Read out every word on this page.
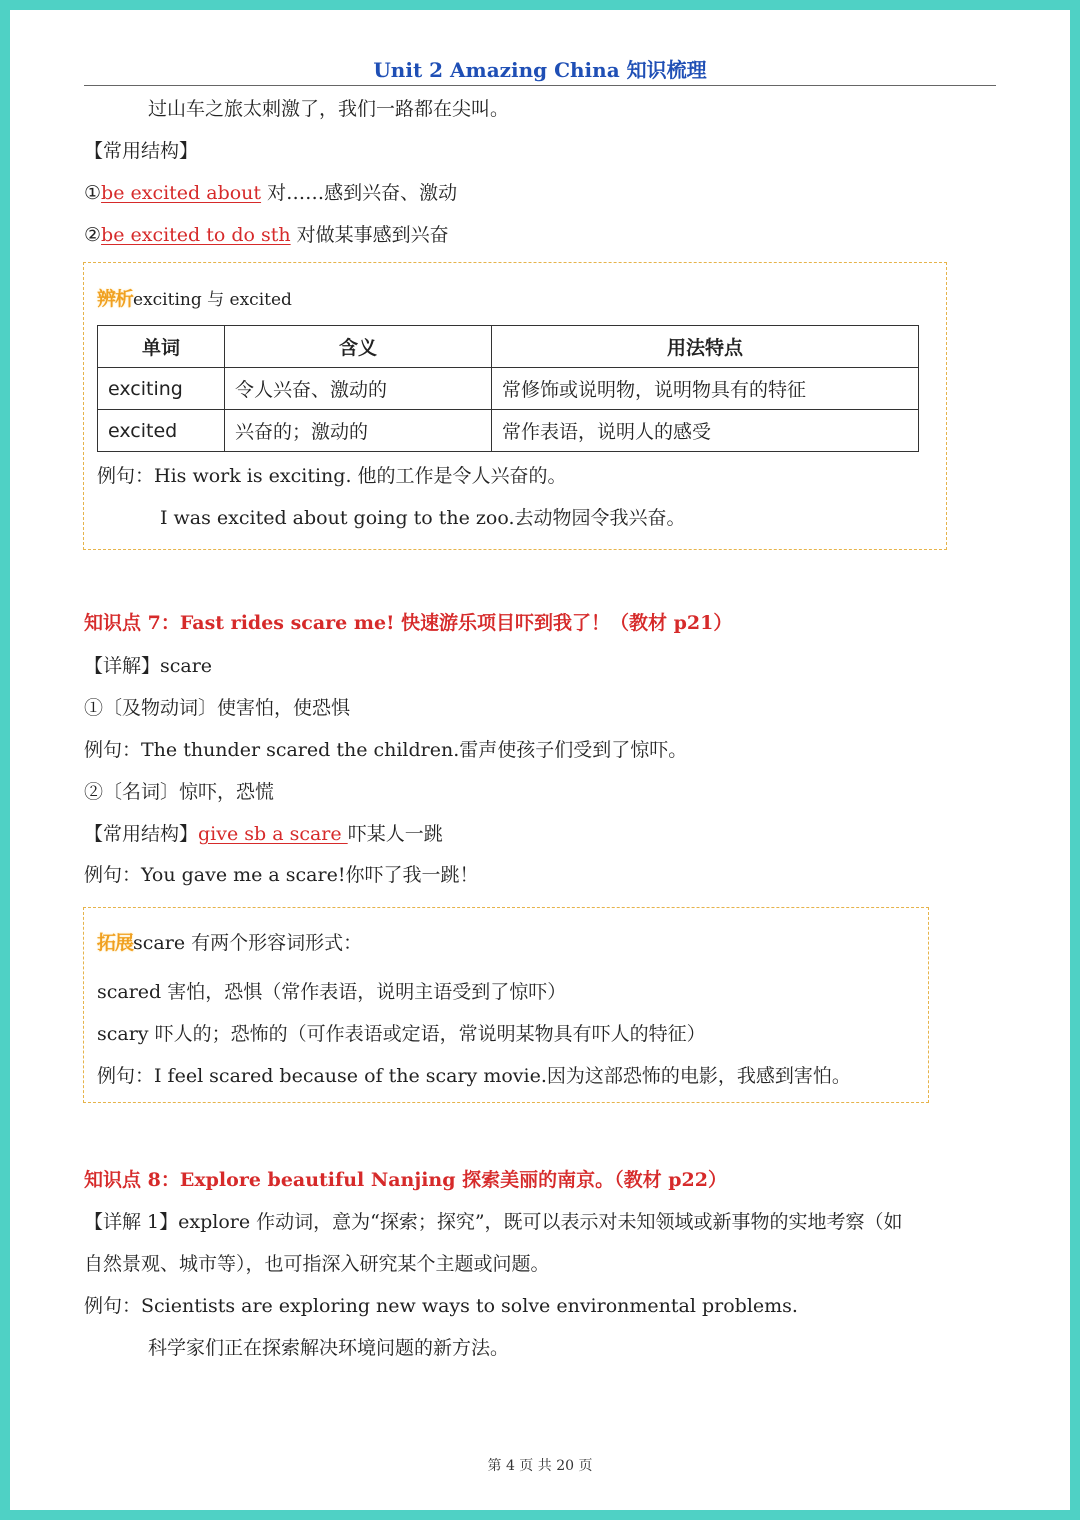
Unit 2 Amazing China 知识梳理
过山车之旅太刺激了，我们一路都在尖叫。
【常用结构】
①be excited about 对……感到兴奋、激动
②be excited to do sth 对做某事感到兴奋
辨析exciting 与 excited
单词	含义	用法特点
exciting	令人兴奋、激动的	常修饰或说明物，说明物具有的特征
excited	兴奋的；激动的	常作表语，说明人的感受
例句：His work is exciting. 他的工作是令人兴奋的。
I was excited about going to the zoo.去动物园令我兴奋。
知识点 7：Fast rides scare me! 快速游乐项目吓到我了！（教材 p21）
【详解】scare
①〔及物动词〕使害怕，使恐惧
例句：The thunder scared the children.雷声使孩子们受到了惊吓。
②〔名词〕惊吓，恐慌
【常用结构】give sb a scare 吓某人一跳
例句：You gave me a scare!你吓了我一跳！
拓展scare 有两个形容词形式：
scared 害怕，恐惧（常作表语，说明主语受到了惊吓）
scary 吓人的；恐怖的（可作表语或定语，常说明某物具有吓人的特征）
例句：I feel scared because of the scary movie.因为这部恐怖的电影，我感到害怕。
知识点 8：Explore beautiful Nanjing 探索美丽的南京。（教材 p22）
【详解 1】explore 作动词，意为“探索；探究”，既可以表示对未知领域或新事物的实地考察（如
自然景观、城市等），也可指深入研究某个主题或问题。
例句：Scientists are exploring new ways to solve environmental problems.
科学家们正在探索解决环境问题的新方法。
第 4 页 共 20 页
